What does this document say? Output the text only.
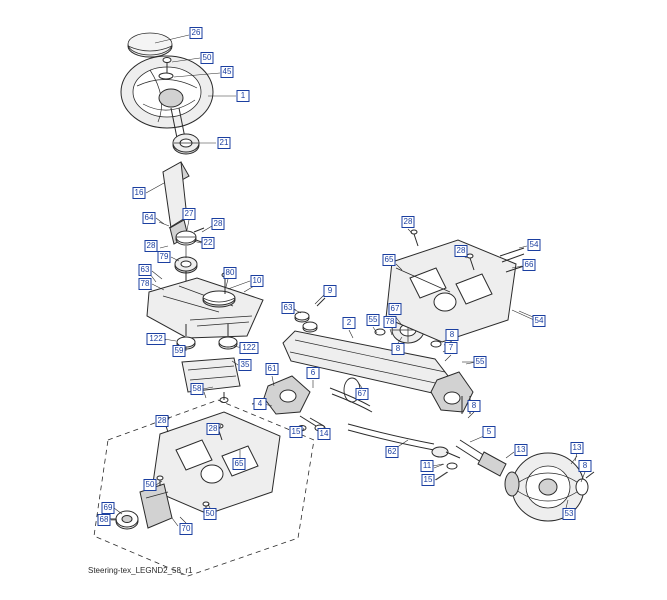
26
50
45
1
21
16
64	27
28
28	22
79
63	80
10
78
63
9
122
59	122
35
58
61	6
2	55 78
8
67
67
7
55
8
65
28
28
54
66
54
8
5
13	13
8
53
62
11
15
15 14
4
28
28
65
50
69
68
70
50
Steering-tex_LEGND2_58_r1
